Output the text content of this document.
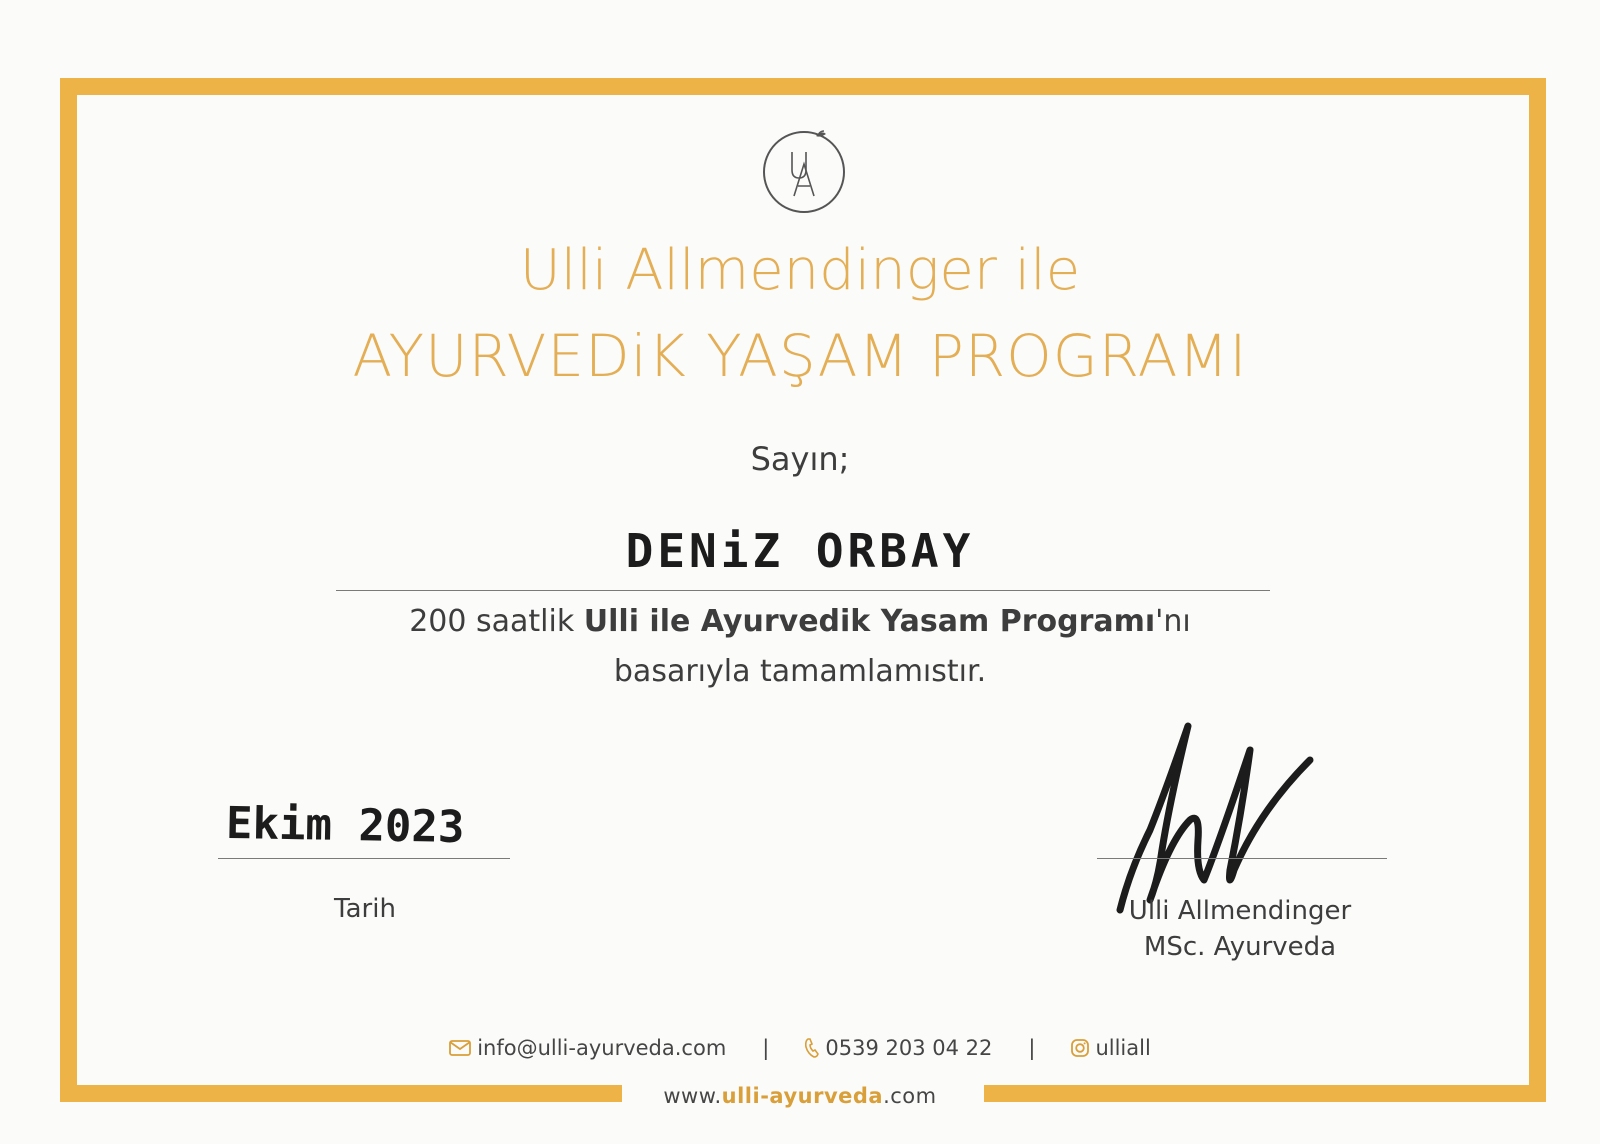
Ulli Allmendinger ile
AYURVEDiK YAŞAM PROGRAMI
Sayın;
DENiZ ORBAY
200 saatlik Ulli ile Ayurvedik Yasam Programı'nı
basarıyla tamamlamıstır.
Ekim 2023
Tarih	Ulli Allmendinger
MSc. Ayurveda
info@ulli-ayurveda.com |	0539 203 04 22 |	ulliall
www.ulli-ayurveda.com
